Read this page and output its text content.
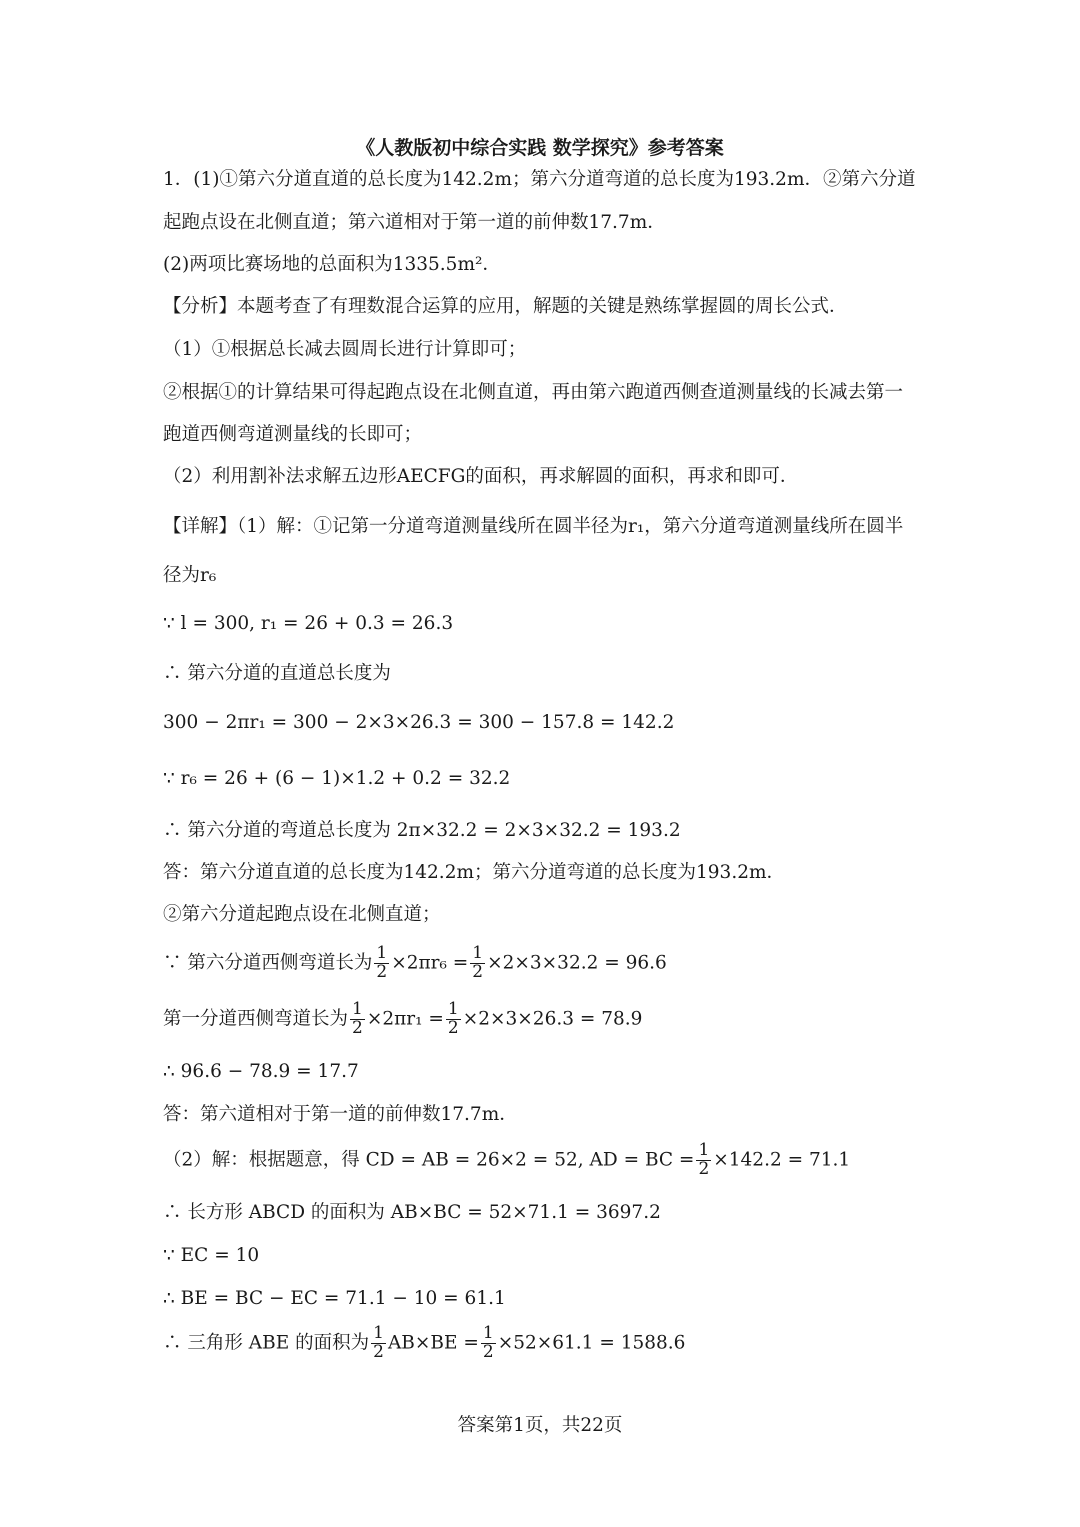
《人教版初中综合实践 数学探究》参考答案
1．(1)①第六分道直道的总长度为142.2m；第六分道弯道的总长度为193.2m．②第六分道
起跑点设在北侧直道；第六道相对于第一道的前伸数17.7m．
(2)两项比赛场地的总面积为1335.5m²．
【分析】本题考查了有理数混合运算的应用，解题的关键是熟练掌握圆的周长公式．
（1）①根据总长减去圆周长进行计算即可；
②根据①的计算结果可得起跑点设在北侧直道，再由第六跑道西侧查道测量线的长减去第一
跑道西侧弯道测量线的长即可；
（2）利用割补法求解五边形AECFG的面积，再求解圆的面积，再求和即可．
【详解】（1）解：①记第一分道弯道测量线所在圆半径为r₁，第六分道弯道测量线所在圆半
径为r₆
∵ l = 300, r₁ = 26 + 0.3 = 26.3
∴ 第六分道的直道总长度为
300 − 2πr₁ = 300 − 2×3×26.3 = 300 − 157.8 = 142.2
∵ r₆ = 26 + (6 − 1)×1.2 + 0.2 = 32.2
∴ 第六分道的弯道总长度为 2π×32.2 = 2×3×32.2 = 193.2
答：第六分道直道的总长度为142.2m；第六分道弯道的总长度为193.2m．
②第六分道起跑点设在北侧直道；
∵ 第六分道西侧弯道长为 $\frac{1}{2} \times 2\pi r_6 = \frac{1}{2} \times 2\times 3\times 32.2 = 96.6$
第一分道西侧弯道长为 $\frac{1}{2} \times 2\pi r_1 = \frac{1}{2} \times 2\times 3\times 26.3 = 78.9$
∴ 96.6 − 78.9 = 17.7
答：第六道相对于第一道的前伸数17.7m．
（2）解：根据题意，得 CD = AB = 26×2 = 52, AD = BC = $\frac{1}{2} \times 142.2 = 71.1$
∴ 长方形 ABCD 的面积为 AB×BC = 52×71.1 = 3697.2
∵ EC = 10
∴ BE = BC − EC = 71.1 − 10 = 61.1
∴ 三角形 ABE 的面积为 $\frac{1}{2} AB\times BE = \frac{1}{2} \times 52\times 61.1 = 1588.6$
答案第1页，共22页
